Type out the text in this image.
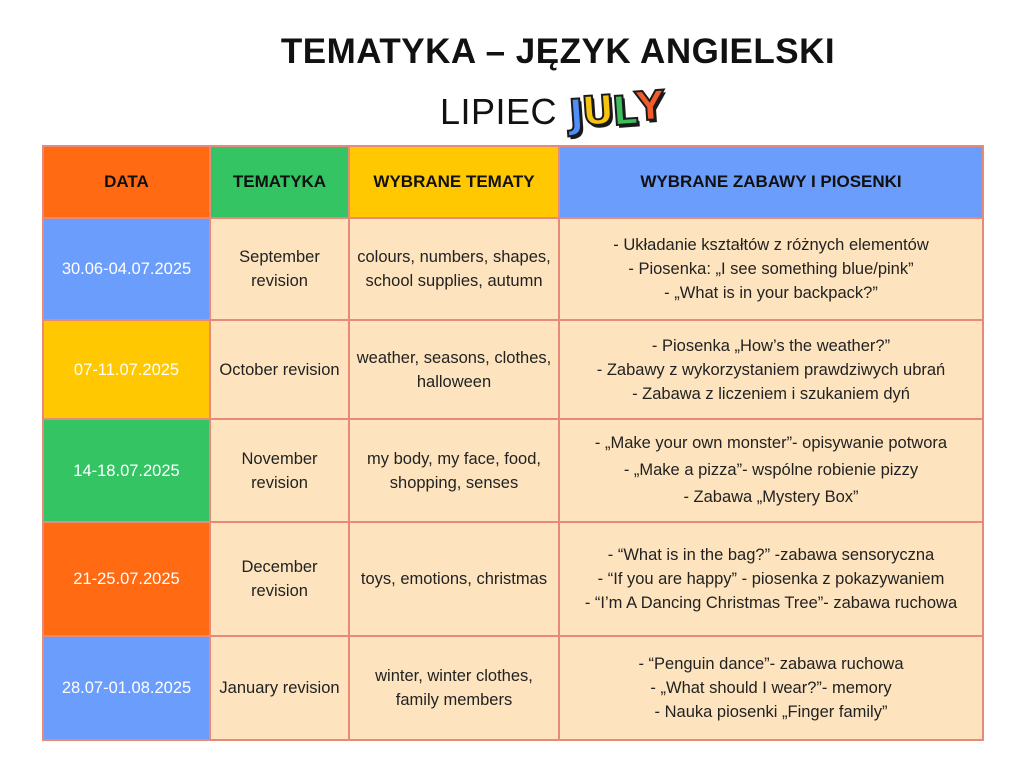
TEMATYKA – JĘZYK ANGIELSKI
LIPIEC J
U
L
Y
DATA	TEMATYKA	WYBRANE TEMATY	WYBRANE ZABAWY I PIOSENKI
30.06-04.07.2025	September revision	colours, numbers, shapes, school supplies, autumn	- Układanie kształtów z różnych elementów
- Piosenka: „I see something blue/pink”
- „What is in your backpack?”

07-11.07.2025	October revision	weather, seasons, clothes, halloween	- Piosenka „How’s the weather?”
- Zabawy z wykorzystaniem prawdziwych ubrań
- Zabawa z liczeniem i szukaniem dyń

14-18.07.2025	November revision	my body, my face, food, shopping, senses	- „Make your own monster”- opisywanie potwora
- „Make a pizza”- wspólne robienie pizzy
- Zabawa „Mystery Box”

21-25.07.2025	December revision	toys, emotions, christmas	- “What is in the bag?” -zabawa sensoryczna
- “If you are happy” - piosenka z pokazywaniem
- “I’m A Dancing Christmas Tree”- zabawa ruchowa

28.07-01.08.2025	January revision	winter, winter clothes, family members	- “Penguin dance”- zabawa ruchowa
- „What should I wear?”- memory
- Nauka piosenki „Finger family”
